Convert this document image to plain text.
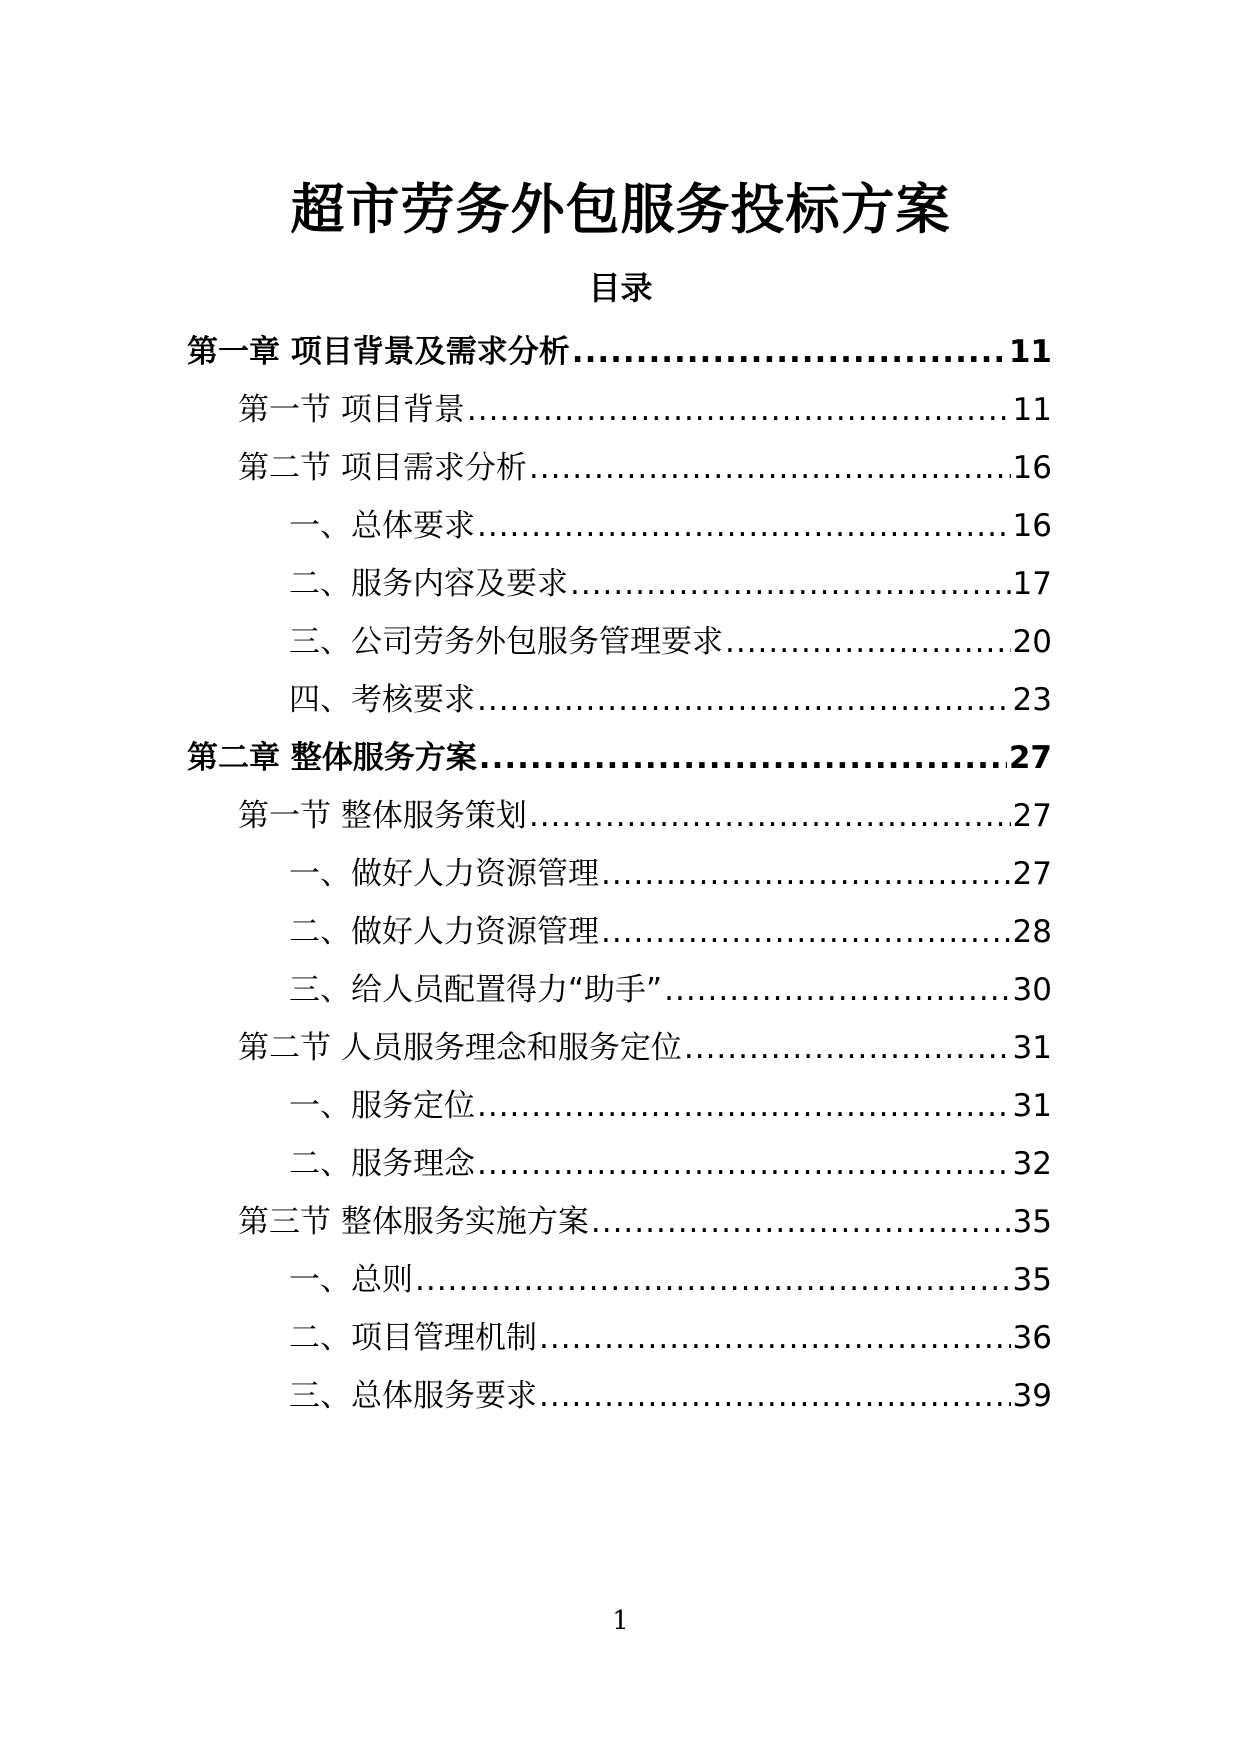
超市劳务外包服务投标方案
目录
第一章 项目背景及需求分析 .....	11
第一节 项目背景 .....	11
第二节 项目需求分析 .....	16
一、总体要求 .....	16
二、服务内容及要求 .....	17
三、公司劳务外包服务管理要求 .....	20
四、考核要求 .....	23
第二章 整体服务方案 .....	27
第一节 整体服务策划 .....	27
一、做好人力资源管理 .....	27
二、做好人力资源管理 .....	28
三、给人员配置得力“助手” .....	30
第二节 人员服务理念和服务定位 .....	31
一、服务定位 .....	31
二、服务理念 .....	32
第三节 整体服务实施方案 .....	35
一、总则 .....	35
二、项目管理机制 .....	36
三、总体服务要求 .....	39
1
